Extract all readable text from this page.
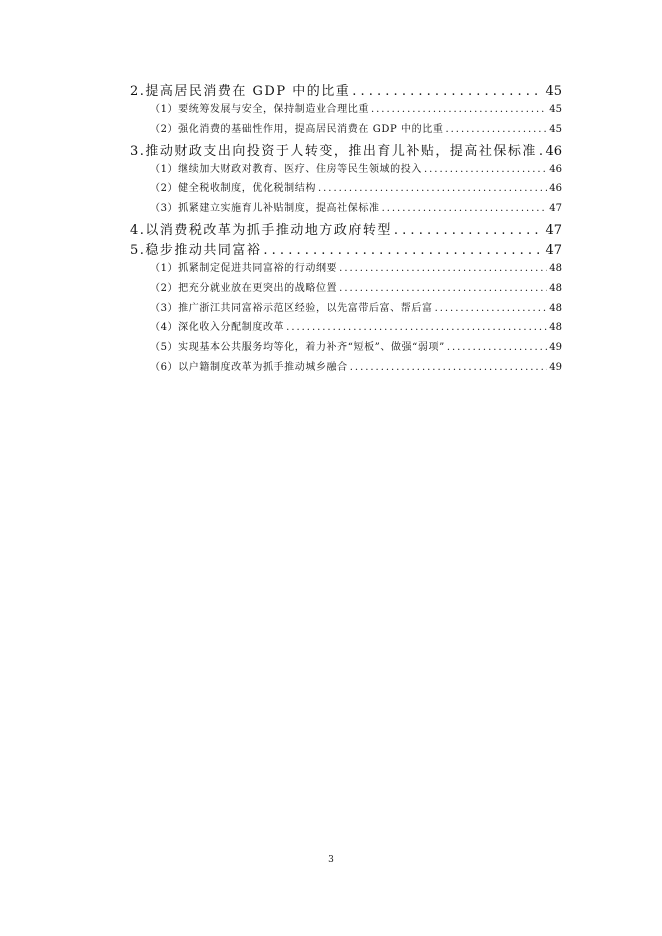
2.提高居民消费在 GDP 中的比重 . . .	45
（1）要统筹发展与安全，保持制造业合理比重 . . .	45
（2）强化消费的基础性作用，提高居民消费在 GDP 中的比重 . . .	45
3.推动财政支出向投资于人转变，推出育儿补贴，提高社保标准 . . . 46
（1）继续加大财政对教育、医疗、住房等民生领域的投入 . . .	46
（2）健全税收制度，优化税制结构 . . .	46
（3）抓紧建立实施育儿补贴制度，提高社保标准 . . .	47
4.以消费税改革为抓手推动地方政府转型 . . .	47
5.稳步推动共同富裕 . . .	47
（1）抓紧制定促进共同富裕的行动纲要 . . .	48
（2）把充分就业放在更突出的战略位置 . . .	48
（3）推广浙江共同富裕示范区经验，以先富带后富、帮后富 . . .	48
（4）深化收入分配制度改革 . . .	48
（5）实现基本公共服务均等化，着力补齐“短板”、做强“弱项” . . .	49
（6）以户籍制度改革为抓手推动城乡融合 . . .	49
3
